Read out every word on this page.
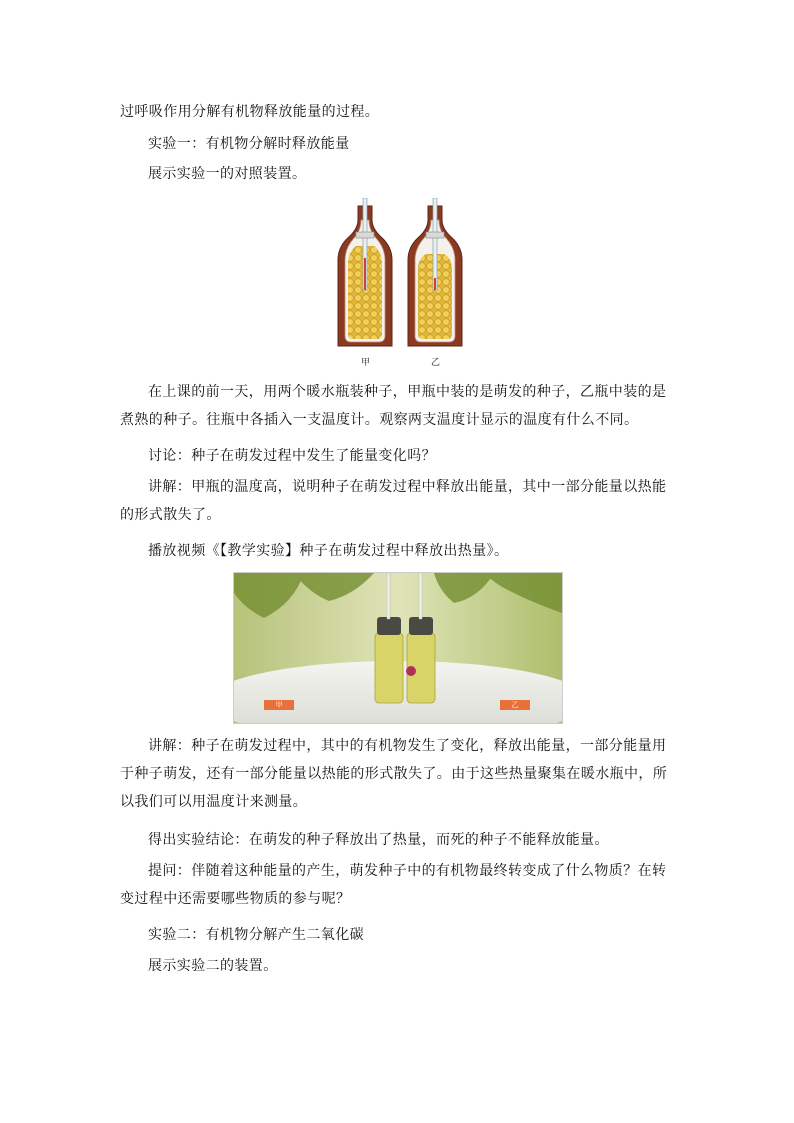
过呼吸作用分解有机物释放能量的过程。

实验一：有机物分解时释放能量

展示实验一的对照装置。

甲	乙

在上课的前一天，用两个暖水瓶装种子，甲瓶中装的是萌发的种子，乙瓶中装的是煮熟的种子。往瓶中各插入一支温度计。观察两支温度计显示的温度有什么不同。

讨论：种子在萌发过程中发生了能量变化吗？

讲解：甲瓶的温度高，说明种子在萌发过程中释放出能量，其中一部分能量以热能的形式散失了。

播放视频《【教学实验】种子在萌发过程中释放出热量》。

甲	乙

讲解：种子在萌发过程中，其中的有机物发生了变化，释放出能量，一部分能量用于种子萌发，还有一部分能量以热能的形式散失了。由于这些热量聚集在暖水瓶中，所以我们可以用温度计来测量。

得出实验结论：在萌发的种子释放出了热量，而死的种子不能释放能量。

提问：伴随着这种能量的产生，萌发种子中的有机物最终转变成了什么物质？在转变过程中还需要哪些物质的参与呢？

实验二：有机物分解产生二氧化碳

展示实验二的装置。
